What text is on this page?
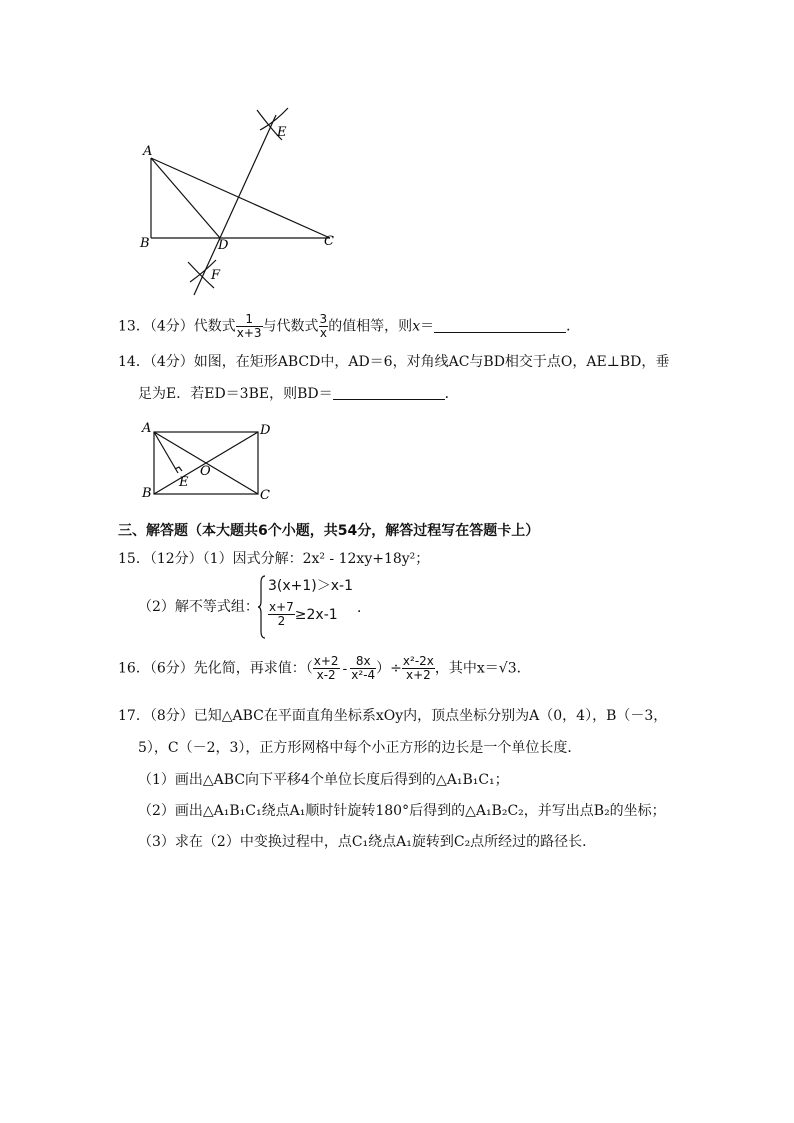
A
B	D	C
E
F
13．（4分）代数式 $\frac{1}{x+3}$ 与代数式 $\frac{3}{x}$ 的值相等，则x＝	．
14．（4分）如图，在矩形ABCD中，AD＝6，对角线AC与BD相交于点O，AE⊥BD，垂
足为E．若ED＝3BE，则BD＝	．
A	D
B	C
E
O
三、解答题（本大题共6个小题，共54分，解答过程写在答题卡上）
15．（12分）（1）因式分解：2x² - 12xy+18y²；
（2）解不等式组：
3(x+1)＞x-1
$\frac{x+7}{2} \ge 2x-1$ ．
16．（6分）先化简，再求值：（ $\frac{x+2}{x-2} - \frac{8x}{\text{x²-4}}$ ）÷ $\frac{\text{x²-2x}}{x+2}$ ，其中x＝√3．
17．（8分）已知△ABC在平面直角坐标系xOy内，顶点坐标分别为A（0，4），B（－3，
5），C（－2，3），正方形网格中每个小正方形的边长是一个单位长度．
（1）画出△ABC向下平移4个单位长度后得到的△A₁B₁C₁；
（2）画出△A₁B₁C₁绕点A₁顺时针旋转180°后得到的△A₁B₂C₂，并写出点B₂的坐标；
（3）求在（2）中变换过程中，点C₁绕点A₁旋转到C₂点所经过的路径长．
